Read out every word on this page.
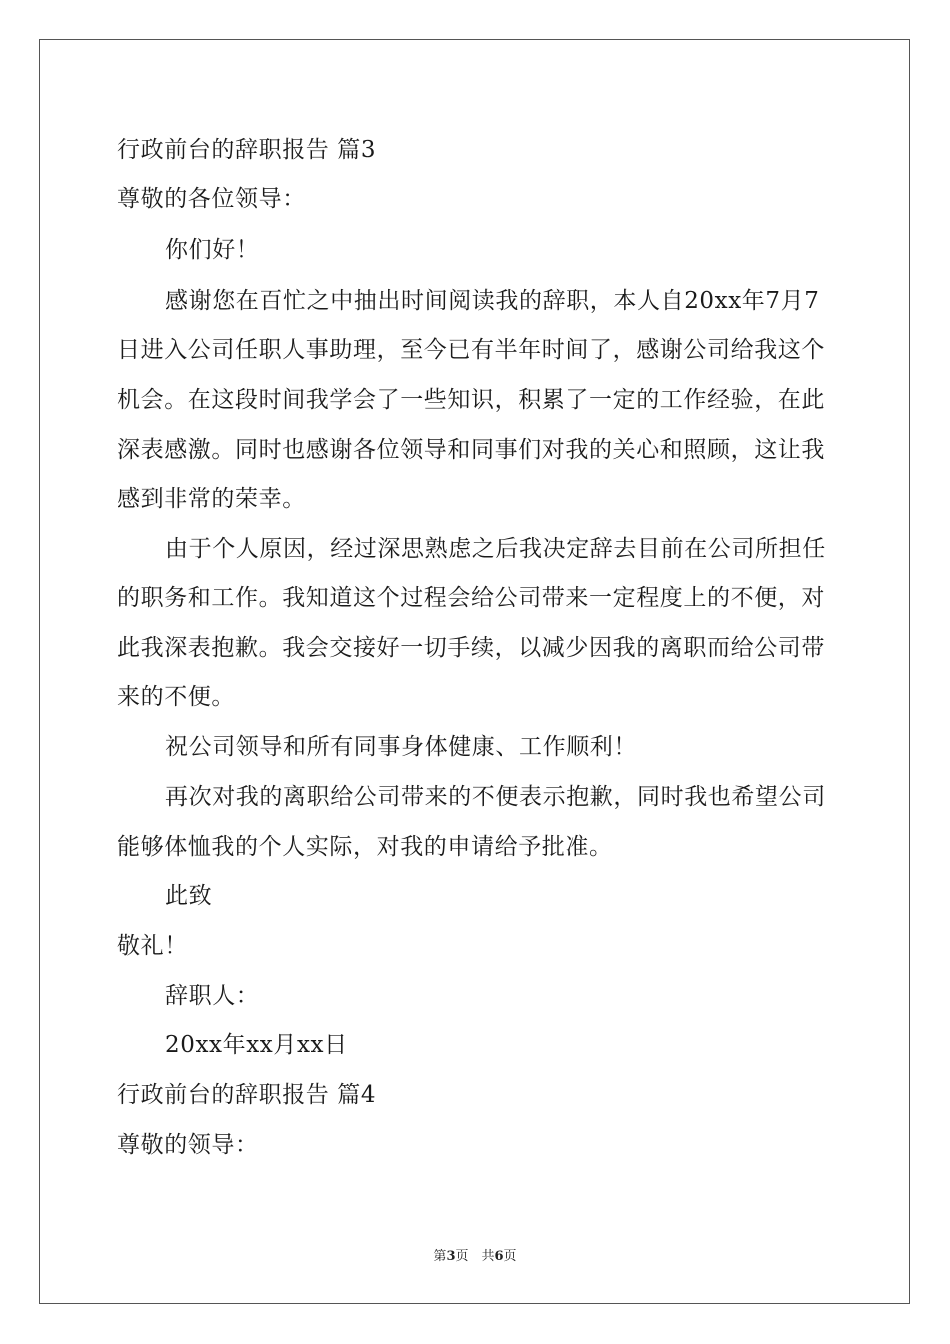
行政前台的辞职报告 篇3
尊敬的各位领导：
你们好！
感谢您在百忙之中抽出时间阅读我的辞职，本人自20xx年7月7
日进入公司任职人事助理，至今已有半年时间了，感谢公司给我这个
机会。在这段时间我学会了一些知识，积累了一定的工作经验，在此
深表感激。同时也感谢各位领导和同事们对我的关心和照顾，这让我
感到非常的荣幸。
由于个人原因，经过深思熟虑之后我决定辞去目前在公司所担任
的职务和工作。我知道这个过程会给公司带来一定程度上的不便，对
此我深表抱歉。我会交接好一切手续，以减少因我的离职而给公司带
来的不便。
祝公司领导和所有同事身体健康、工作顺利！
再次对我的离职给公司带来的不便表示抱歉，同时我也希望公司
能够体恤我的个人实际，对我的申请给予批准。
此致
敬礼！
辞职人：
20xx年xx月xx日
行政前台的辞职报告 篇4
尊敬的领导：
第3页　共6页
